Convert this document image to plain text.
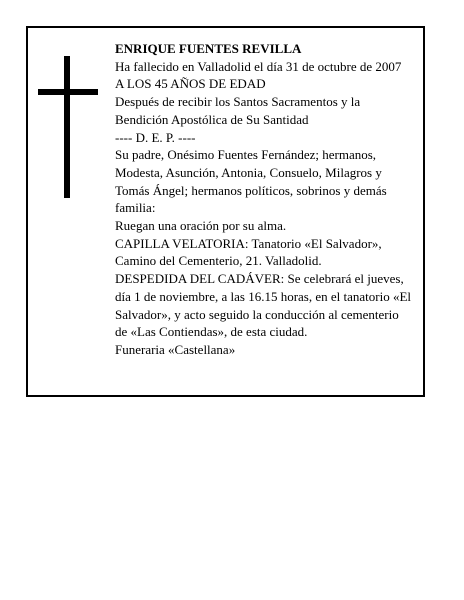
ENRIQUE FUENTES REVILLA
Ha fallecido en Valladolid el día 31 de octubre de 2007
A LOS 45 AÑOS DE EDAD
Después de recibir los Santos Sacramentos y la
Bendición Apostólica de Su Santidad
---- D. E. P. ----
Su padre, Onésimo Fuentes Fernández; hermanos,
Modesta, Asunción, Antonia, Consuelo, Milagros y
Tomás Ángel; hermanos políticos, sobrinos y demás
familia:
Ruegan una oración por su alma.
CAPILLA VELATORIA: Tanatorio «El Salvador»,
Camino del Cementerio, 21. Valladolid.
DESPEDIDA DEL CADÁVER: Se celebrará el jueves,
día 1 de noviembre, a las 16.15 horas, en el tanatorio «El
Salvador», y acto seguido la conducción al cementerio
de «Las Contiendas», de esta ciudad.
Funeraria «Castellana»
